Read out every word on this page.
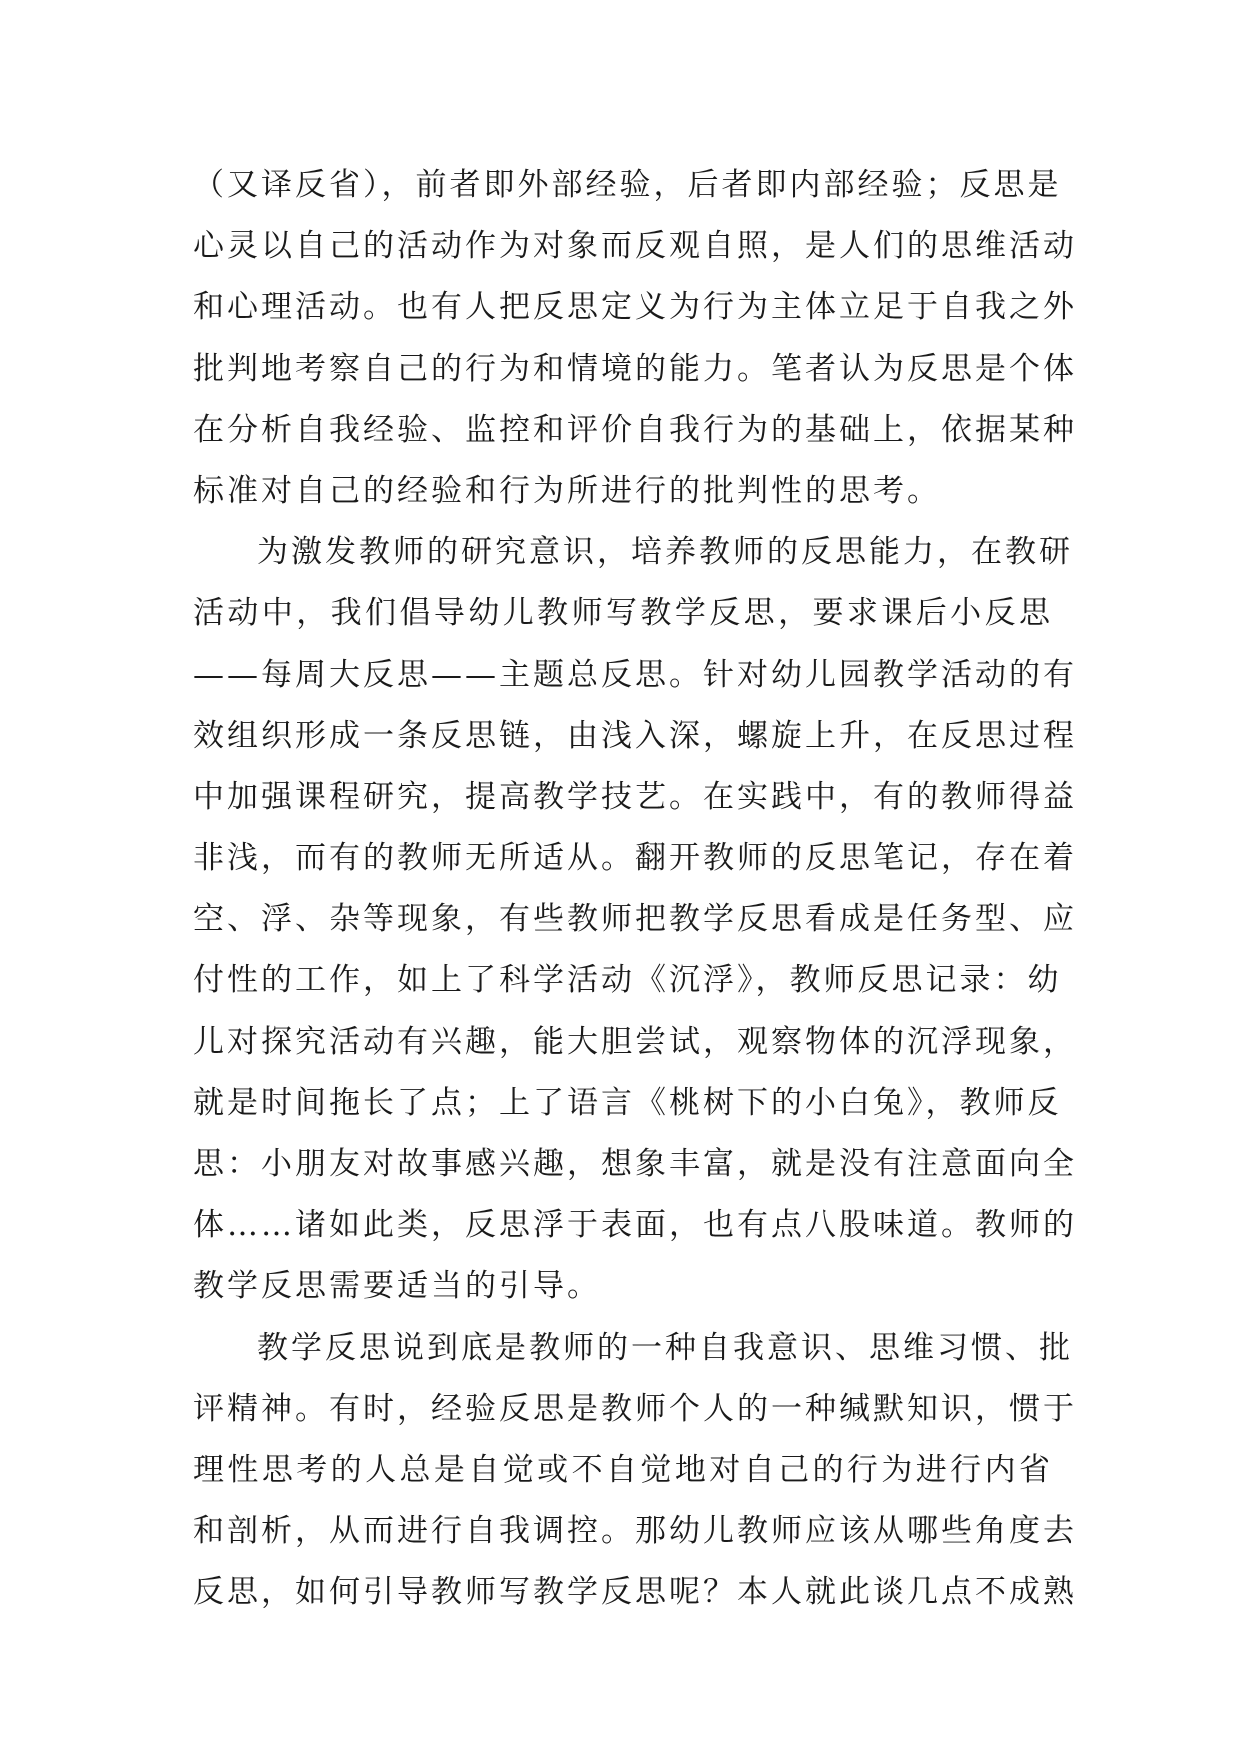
（又译反省），前者即外部经验，后者即内部经验；反思是
心灵以自己的活动作为对象而反观自照，是人们的思维活动
和心理活动。也有人把反思定义为行为主体立足于自我之外
批判地考察自己的行为和情境的能力。笔者认为反思是个体
在分析自我经验、监控和评价自我行为的基础上，依据某种
标准对自己的经验和行为所进行的批判性的思考。
为激发教师的研究意识，培养教师的反思能力，在教研
活动中，我们倡导幼儿教师写教学反思，要求课后小反思
——每周大反思——主题总反思。针对幼儿园教学活动的有
效组织形成一条反思链，由浅入深，螺旋上升，在反思过程
中加强课程研究，提高教学技艺。在实践中，有的教师得益
非浅，而有的教师无所适从。翻开教师的反思笔记，存在着
空、浮、杂等现象，有些教师把教学反思看成是任务型、应
付性的工作，如上了科学活动《沉浮》，教师反思记录：幼
儿对探究活动有兴趣，能大胆尝试，观察物体的沉浮现象，
就是时间拖长了点；上了语言《桃树下的小白兔》，教师反
思：小朋友对故事感兴趣，想象丰富，就是没有注意面向全
体……诸如此类，反思浮于表面，也有点八股味道。教师的
教学反思需要适当的引导。
教学反思说到底是教师的一种自我意识、思维习惯、批
评精神。有时，经验反思是教师个人的一种缄默知识，惯于
理性思考的人总是自觉或不自觉地对自己的行为进行内省
和剖析，从而进行自我调控。那幼儿教师应该从哪些角度去
反思，如何引导教师写教学反思呢？本人就此谈几点不成熟
